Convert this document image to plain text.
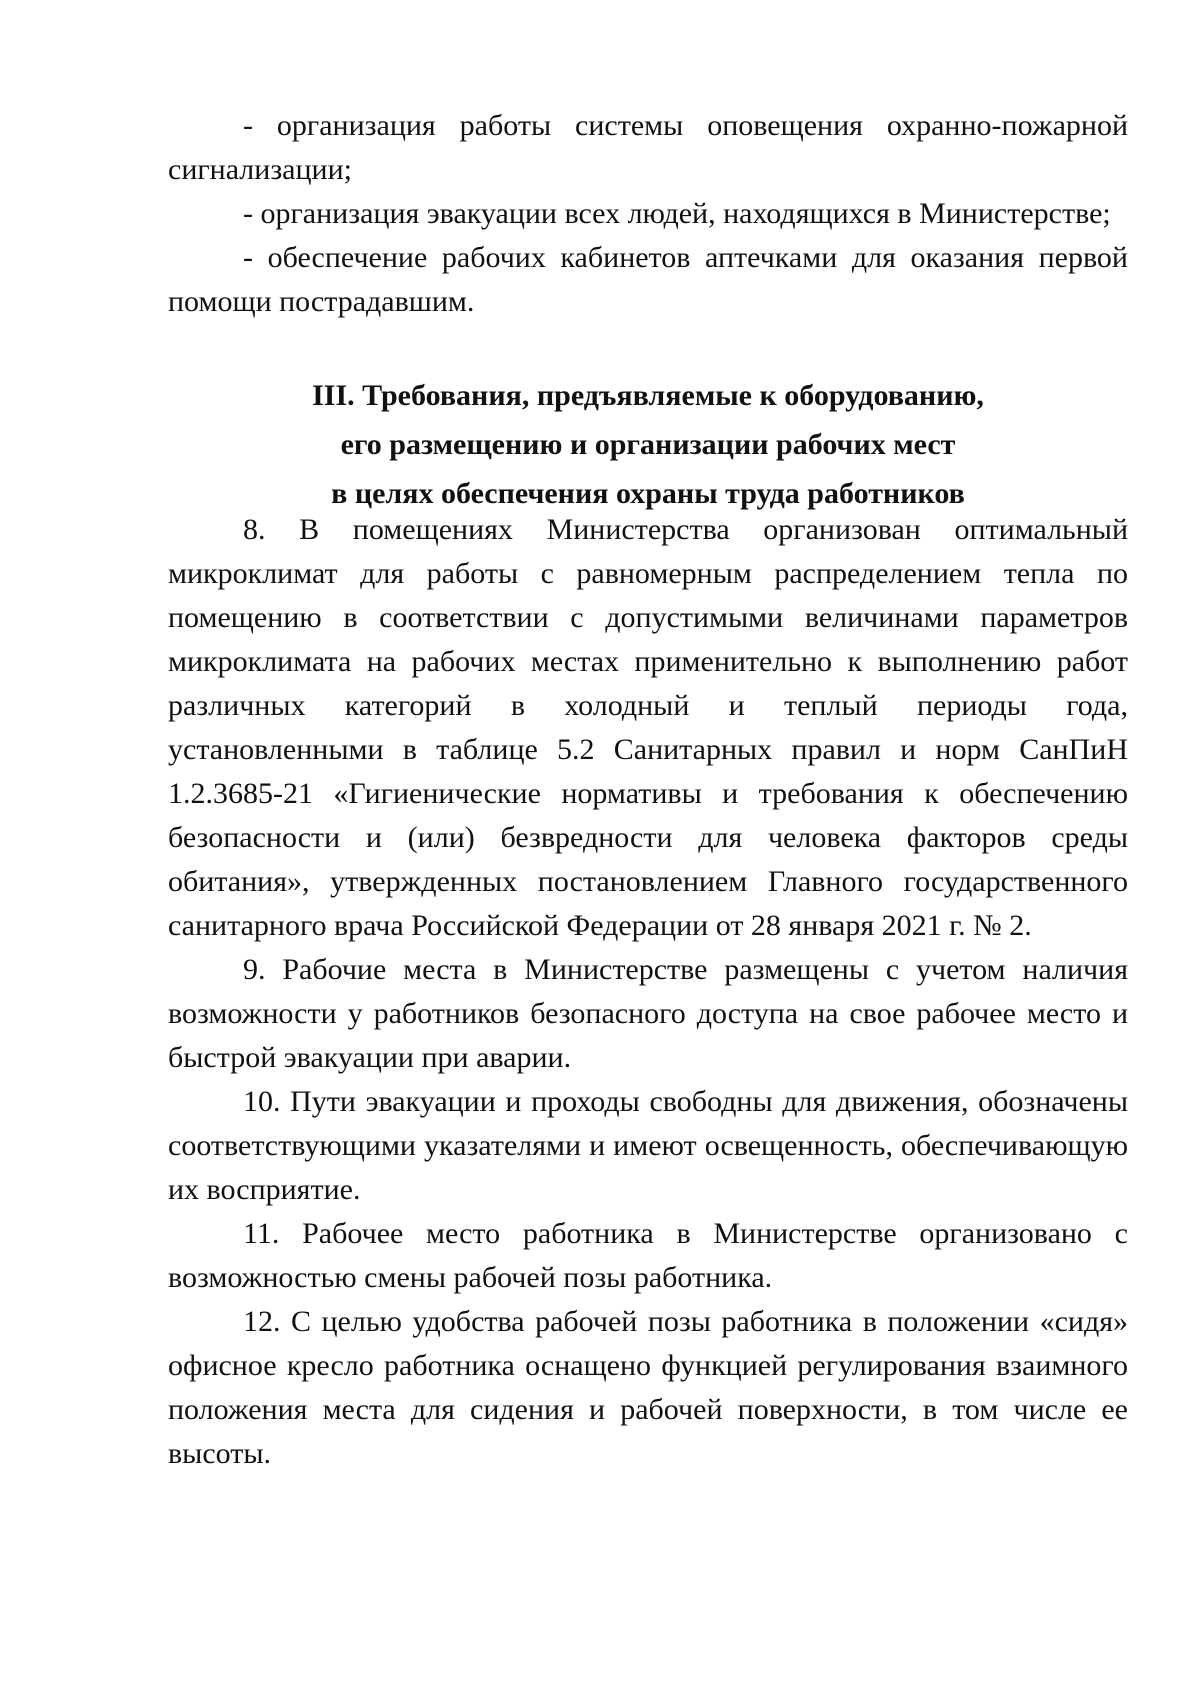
- организация работы системы оповещения охранно-пожарной сигнализации;

- организация эвакуации всех людей, находящихся в Министерстве;

- обеспечение рабочих кабинетов аптечками для оказания первой помощи пострадавшим.

III. Требования, предъявляемые к оборудованию,
его размещению и организации рабочих мест
в целях обеспечения охраны труда работников

8. В помещениях Министерства организован оптимальный микроклимат для работы с равномерным распределением тепла по помещению в соответствии с допустимыми величинами параметров микроклимата на рабочих местах применительно к выполнению работ различных категорий в холодный и теплый периоды года, установленными в таблице 5.2 Санитарных правил и норм СанПиН 1.2.3685-21 «Гигиенические нормативы и требования к обеспечению безопасности и (или) безвредности для человека факторов среды обитания», утвержденных постановлением Главного государственного санитарного врача Российской Федерации от 28 января 2021 г. № 2.

9. Рабочие места в Министерстве размещены с учетом наличия возможности у работников безопасного доступа на свое рабочее место и быстрой эвакуации при аварии.

10. Пути эвакуации и проходы свободны для движения, обозначены соответствующими указателями и имеют освещенность, обеспечивающую их восприятие.

11. Рабочее место работника в Министерстве организовано с возможностью смены рабочей позы работника.

12. С целью удобства рабочей позы работника в положении «сидя» офисное кресло работника оснащено функцией регулирования взаимного положения места для сидения и рабочей поверхности, в том числе ее высоты.
